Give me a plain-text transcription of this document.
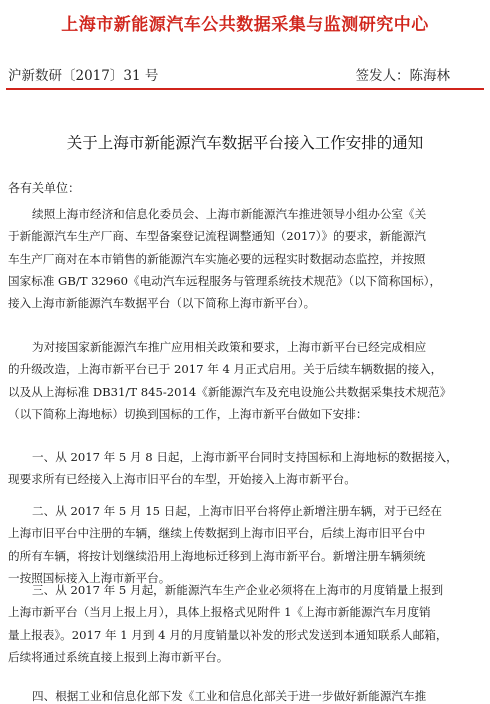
上海市新能源汽车公共数据采集与监测研究中心
沪新数研〔2017〕31 号	签发人：陈海林
关于上海市新能源汽车数据平台接入工作安排的通知
各有关单位：
续照上海市经济和信息化委员会、上海市新能源汽车推进领导小组办公室《关
于新能源汽车生产厂商、车型备案登记流程调整通知（2017）》的要求，新能源汽
车生产厂商对在本市销售的新能源汽车实施必要的远程实时数据动态监控，并按照
国家标准 GB/T 32960《电动汽车远程服务与管理系统技术规范》（以下简称国标），
接入上海市新能源汽车数据平台（以下简称上海市新平台）。
为对接国家新能源汽车推广应用相关政策和要求，上海市新平台已经完成相应
的升级改造，上海市新平台已于 2017 年 4 月正式启用。关于后续车辆数据的接入，
以及从上海标准 DB31/T 845-2014《新能源汽车及充电设施公共数据采集技术规范》
（以下简称上海地标）切换到国标的工作，上海市新平台做如下安排：
一、从 2017 年 5 月 8 日起，上海市新平台同时支持国标和上海地标的数据接入，
现要求所有已经接入上海市旧平台的车型，开始接入上海市新平台。
二、从 2017 年 5 月 15 日起，上海市旧平台将停止新增注册车辆，对于已经在
上海市旧平台中注册的车辆，继续上传数据到上海市旧平台，后续上海市旧平台中
的所有车辆，将按计划继续沿用上海地标迁移到上海市新平台。新增注册车辆须统
一按照国标接入上海市新平台。
三、从 2017 年 5 月起，新能源汽车生产企业必须将在上海市的月度销量上报到
上海市新平台（当月上报上月），具体上报格式见附件 1《上海市新能源汽车月度销
量上报表》。2017 年 1 月到 4 月的月度销量以补发的形式发送到本通知联系人邮箱，
后续将通过系统直接上报到上海市新平台。
四、根据工业和信息化部下发《工业和信息化部关于进一步做好新能源汽车推
